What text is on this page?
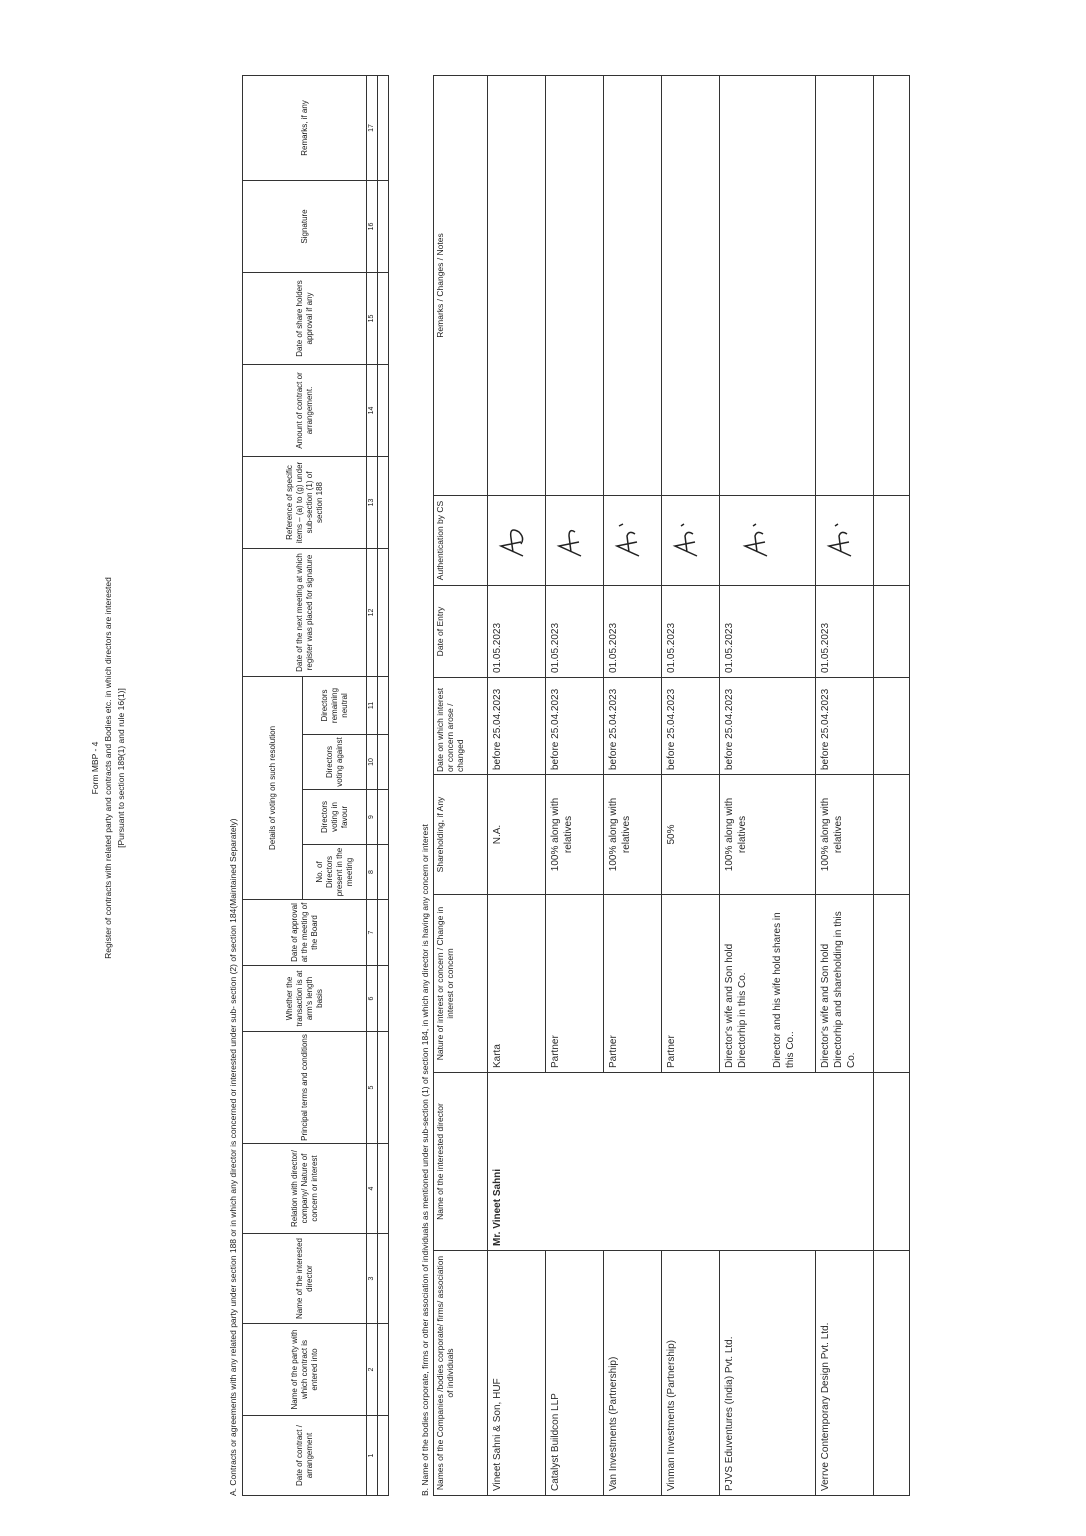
Form MBP - 4 Register of contracts with related party and contracts and Bodies etc. in which directors are interested [Pursuant to section 189(1) and rule 16(1)]
A. Contracts or agreements with any related party under section 188 or in which any director is concerned or interested under sub- section (2) of section 184(Maintained Separately)	Date of contract / arrangement	Name of the party with which contract is entered into	Name of the interested director	Relation with director/ company/ Nature of concern or interest	Principal terms and conditions	Whether the transaction is at arm's length basis	Date of approval at the meeting of the Board	Details of voting on such resolution				Date of the next meeting at which register was placed for signature	Reference of specific items – (a) to (g) under sub-section (1) of section 188	Amount of contract or arrangement.	Date of share holders approval if any	Signature	Remarks, if any
							No. of Directors present in the meeting	Directors voting in favour	Directors voting against	Directors remaining neutral						
1	2	3	4	5	6	7	8	9	10	11	12	13	14	15	16	17

B. Name of the bodies corporate, firms or other association of individuals as mentioned under sub-section (1) of section 184, in which any director is having any concern or interest Names of the Companies /bodies corporate/ firms/ association of individuals	Name of the interested director	Nature of interest or concern / Change in interest or concern	Shareholding, if Any	Date on which interest or concern arose / changed	Date of Entry	Authentication by CS	Remarks / Changes / Notes
Vineet Sahni & Son, HUF	Mr. Vineet Sahni	Karta	N.A.	before 25.04.2023	01.05.2023	

Catalyst Buildcon LLP		Partner	100% along with relatives	before 25.04.2023	01.05.2023	

Van Investments (Partnership)		Partner	100% along with relatives	before 25.04.2023	01.05.2023	

Vinman Investments (Partnership)		Partner	50%	before 25.04.2023	01.05.2023	

PJVS Eduventures (India) Pvt. Ltd.		Director's wife and Son hold Directorhip in this Co. Director and his wife hold shares in this Co..	100% along with relatives	before 25.04.2023	01.05.2023	

Verrve Contemporary Design Pvt. Ltd.		Director's wife and Son hold Directorhip and shareholding in this Co.	100% along with relatives	before 25.04.2023	01.05.2023	
